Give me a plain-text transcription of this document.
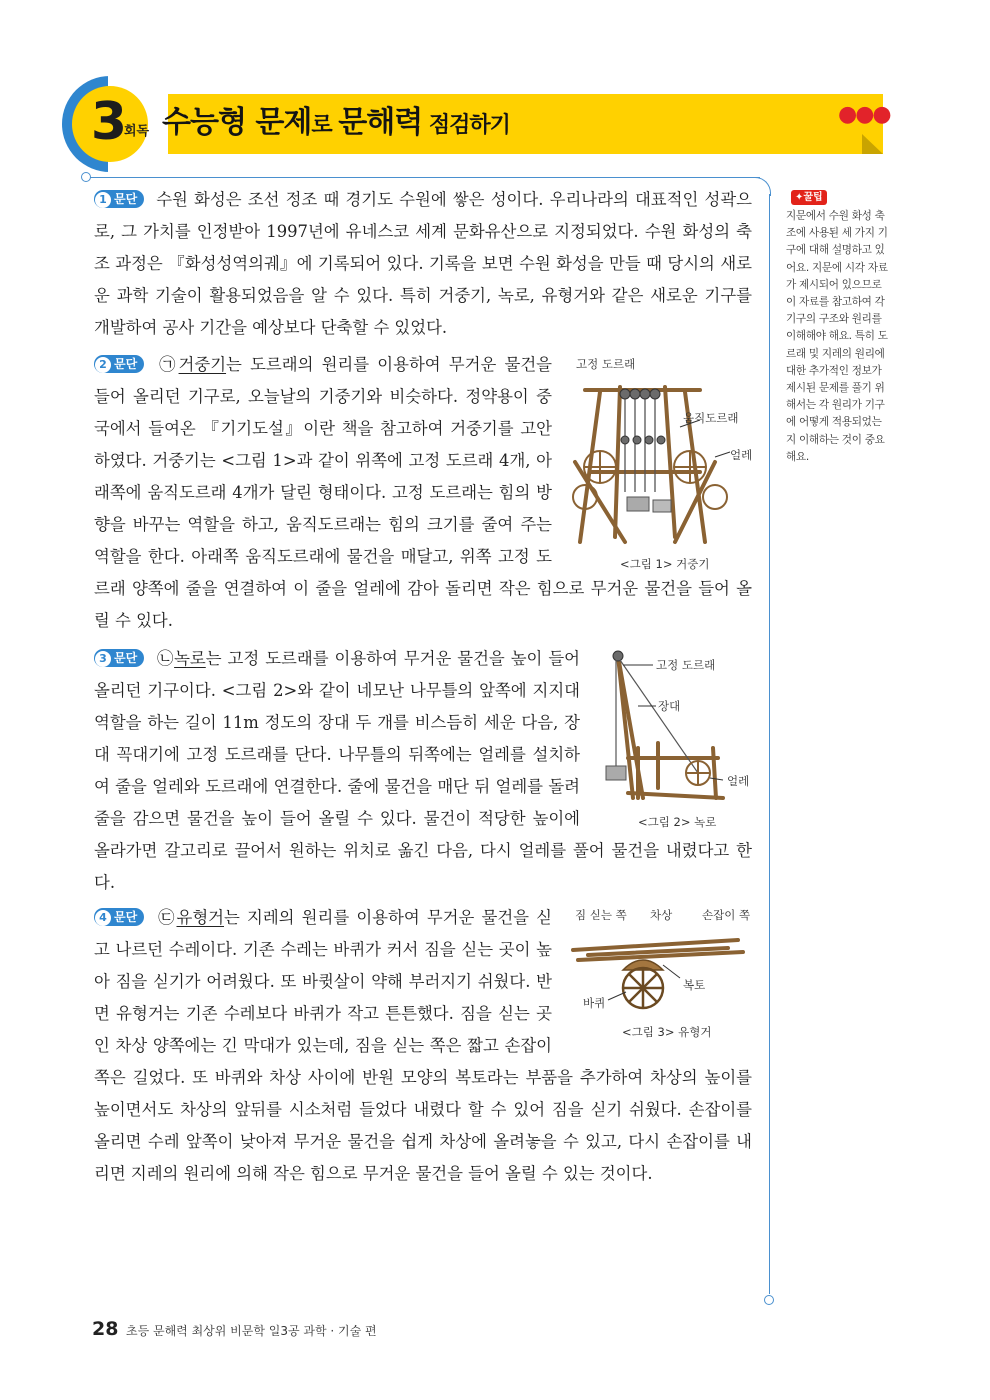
3
회독 수능형 문제로 문해력 점검하기	●●●
1 문단 수원 화성은 조선 정조 때 경기도 수원에 쌓은 성이다. 우리나라의 대표적인 성곽으로, 그 가치를 인정받아 1997년에 유네스코 세계 문화유산으로 지정되었다. 수원 화성의 축조 과정은 『화성성역의궤』에 기록되어 있다. 기록을 보면 수원 화성을 만들 때 당시의 새로운 과학 기술이 활용되었음을 알 수 있다. 특히 거중기, 녹로, 유형거와 같은 새로운 기구를 개발하여 공사 기간을 예상보다 단축할 수 있었다.
2 문단 ㉠거중기는 도르래의 원리를 이용하여 무거운 물건을 들어 올리던 기구로, 오늘날의 기중기와 비슷하다. 정약용이 중국에서 들여온 『기기도설』이란 책을 참고하여 거중기를 고안하였다. 거중기는 <그림 1>과 같이 위쪽에 고정 도르래 4개, 아래쪽에 움직도르래 4개가 달린 형태이다. 고정 도르래는 힘의 방향을 바꾸는 역할을 하고, 움직도르래는 힘의 크기를 줄여 주는 역할을 한다. 아래쪽 움직도르래에 물건을 매달고, 위쪽 고정 도르래 양쪽에 줄을 연결하여 이 줄을 얼레에 감아 돌리면 작은 힘으로 무거운 물건을 들어 올릴 수 있다.
고정 도르래
움직도르래
얼레
<그림 1> 거중기
3 문단 ㉡녹로는 고정 도르래를 이용하여 무거운 물건을 높이 들어 올리던 기구이다. <그림 2>와 같이 네모난 나무틀의 앞쪽에 지지대 역할을 하는 길이 11m 정도의 장대 두 개를 비스듬히 세운 다음, 장대 꼭대기에 고정 도르래를 단다. 나무틀의 뒤쪽에는 얼레를 설치하여 줄을 얼레와 도르래에 연결한다. 줄에 물건을 매단 뒤 얼레를 돌려 줄을 감으면 물건을 높이 들어 올릴 수 있다. 물건이 적당한 높이에 올라가면 갈고리로 끌어서 원하는 위치로 옮긴 다음, 다시 얼레를 풀어 물건을 내렸다고 한다.
고정 도르래
장대
얼레
<그림 2> 녹로
4 문단 ㉢유형거는 지레의 원리를 이용하여 무거운 물건을 싣고 나르던 수레이다. 기존 수레는 바퀴가 커서 짐을 싣는 곳이 높아 짐을 싣기가 어려웠다. 또 바큇살이 약해 부러지기 쉬웠다. 반면 유형거는 기존 수레보다 바퀴가 작고 튼튼했다. 짐을 싣는 곳인 차상 양쪽에는 긴 막대가 있는데, 짐을 싣는 쪽은 짧고 손잡이 쪽은 길었다. 또 바퀴와 차상 사이에 반원 모양의 복토라는 부품을 추가하여 차상의 높이를 높이면서도 차상의 앞뒤를 시소처럼 들었다 내렸다 할 수 있어 짐을 싣기 쉬웠다. 손잡이를 올리면 수레 앞쪽이 낮아져 무거운 물건을 쉽게 차상에 올려놓을 수 있고, 다시 손잡이를 내리면 지레의 원리에 의해 작은 힘으로 무거운 물건을 들어 올릴 수 있는 것이다.
짐 싣는 쪽 차상	손잡이 쪽
복토
바퀴
<그림 3> 유형거
✦꿀팁
지문에서 수원 화성 축조에 사용된 세 가지 기구에 대해 설명하고 있어요. 지문에 시각 자료가 제시되어 있으므로 이 자료를 참고하여 각 기구의 구조와 원리를 이해해야 해요. 특히 도르래 및 지레의 원리에 대한 추가적인 정보가 제시된 문제를 풀기 위해서는 각 원리가 기구에 어떻게 적용되었는지 이해하는 것이 중요해요.
28 초등 문해력 최상위 비문학 일3공 과학 · 기술 편
